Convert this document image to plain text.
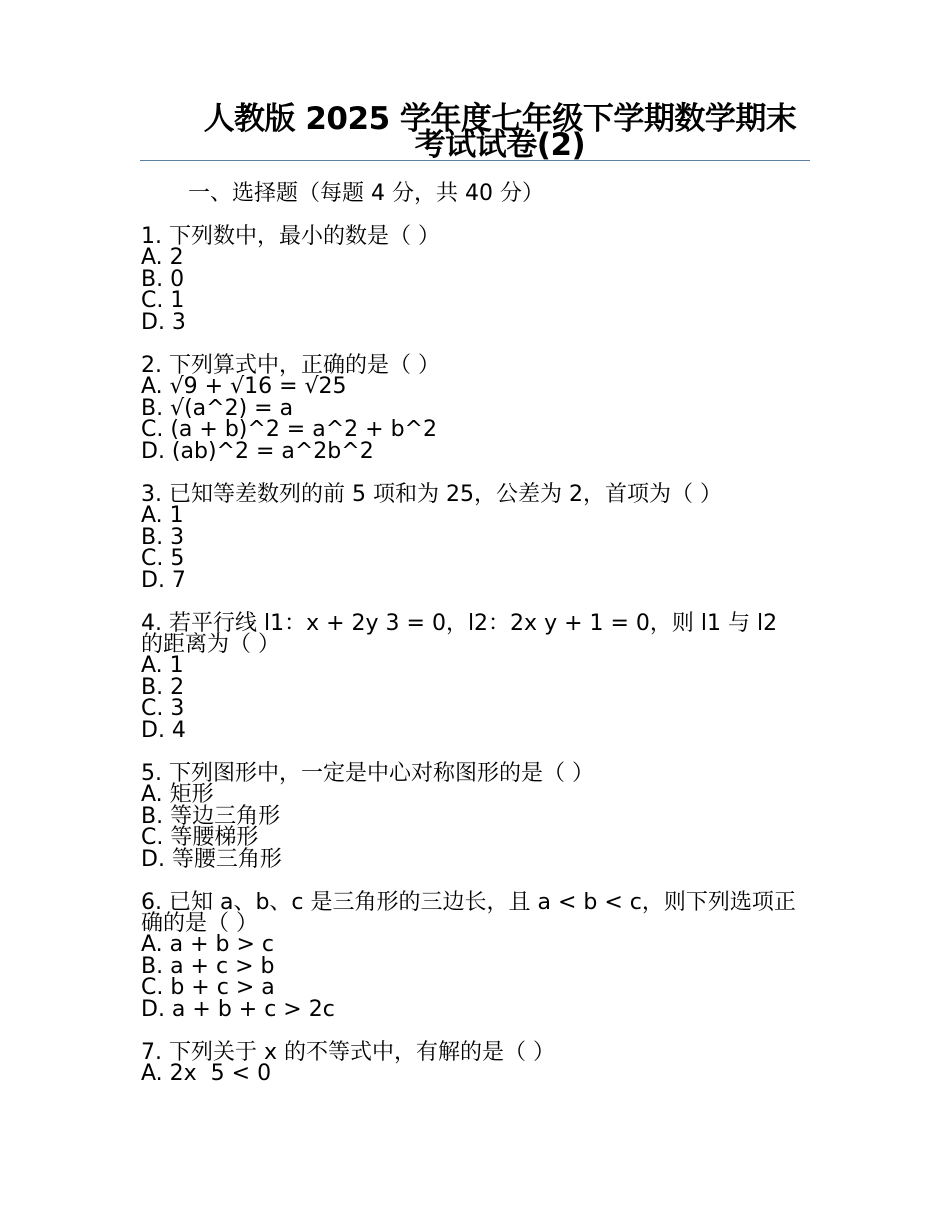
人教版 2025 学年度七年级下学期数学期末考试试卷(2)
一、选择题（每题 4 分，共 40 分）

1. 下列数中，最小的数是（ ）

A. 2

B. 0

C. 1

D. 3

2. 下列算式中，正确的是（ ）

A. √9 + √16 = √25

B. √(a^2) = a

C. (a + b)^2 = a^2 + b^2

D. (ab)^2 = a^2b^2

3. 已知等差数列的前 5 项和为 25，公差为 2，首项为（ ）

A. 1

B. 3

C. 5

D. 7

4. 若平行线 l1：x + 2y 3 = 0，l2：2x y + 1 = 0，则 l1 与 l2 的距离为（ ）

A. 1

B. 2

C. 3

D. 4

5. 下列图形中，一定是中心对称图形的是（ ）

A. 矩形

B. 等边三角形

C. 等腰梯形

D. 等腰三角形

6. 已知 a、b、c 是三角形的三边长，且 a < b < c，则下列选项正确的是（ ）

A. a + b > c

B. a + c > b

C. b + c > a

D. a + b + c > 2c

7. 下列关于 x 的不等式中，有解的是（ ）

A. 2x  5 < 0
